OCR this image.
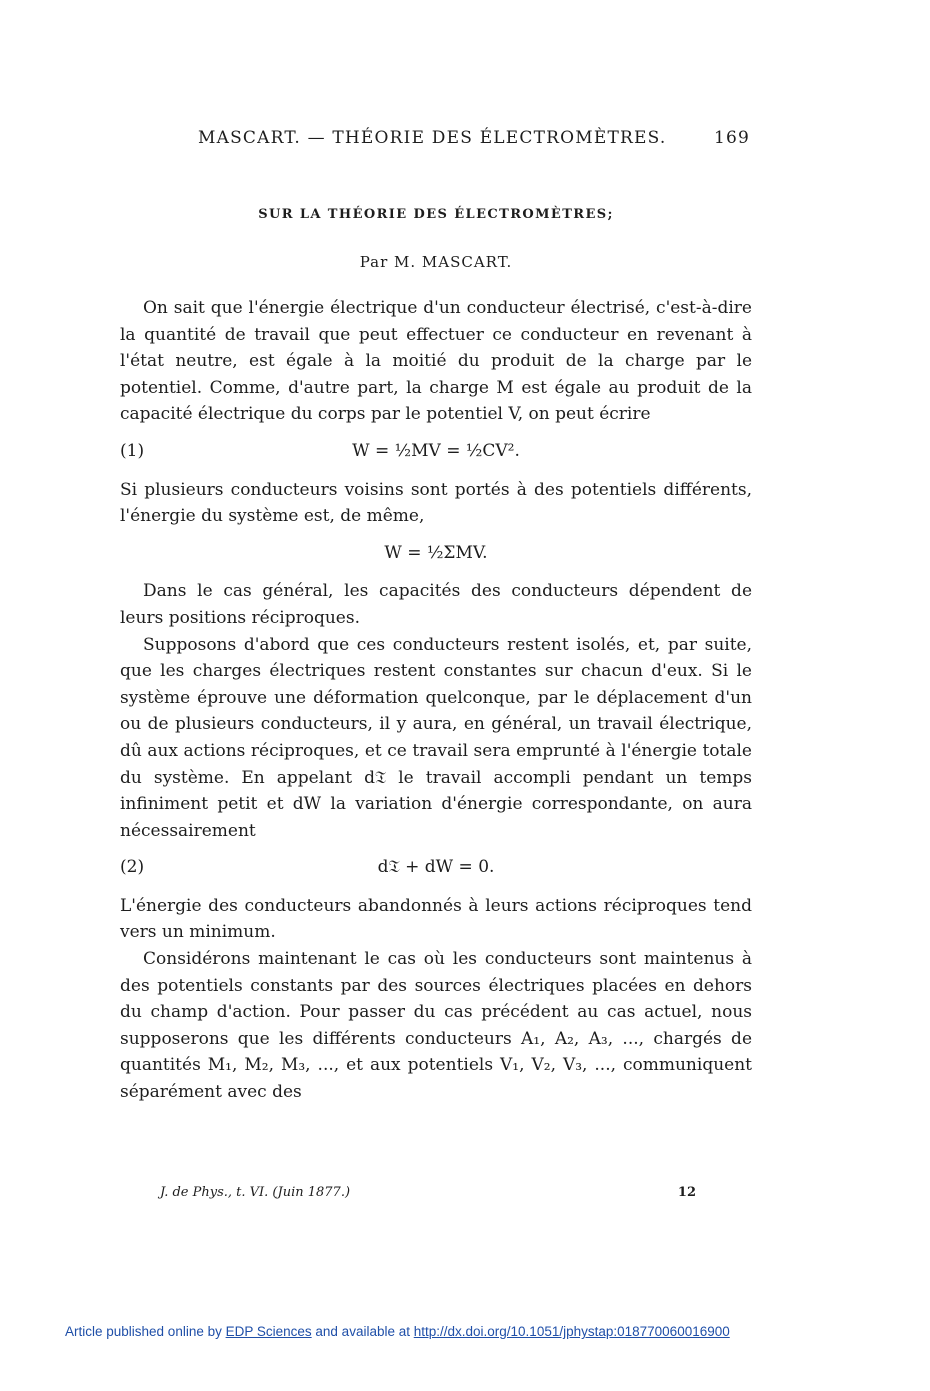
MASCART. — THÉORIE DES ÉLECTROMÈTRES.	169
SUR LA THÉORIE DES ÉLECTROMÈTRES;
Par M. MASCART.

On sait que l'énergie électrique d'un conducteur électrisé, c'est-à-dire la quantité de travail que peut effectuer ce conducteur en revenant à l'état neutre, est égale à la moitié du produit de la charge par le potentiel. Comme, d'autre part, la charge M est égale au produit de la capacité électrique du corps par le potentiel V, on peut écrire

(1)	W = ½MV = ½CV².

Si plusieurs conducteurs voisins sont portés à des potentiels différents, l'énergie du système est, de même,

W = ½ΣMV.

Dans le cas général, les capacités des conducteurs dépendent de leurs positions réciproques.

Supposons d'abord que ces conducteurs restent isolés, et, par suite, que les charges électriques restent constantes sur chacun d'eux. Si le système éprouve une déformation quelconque, par le déplacement d'un ou de plusieurs conducteurs, il y aura, en général, un travail électrique, dû aux actions réciproques, et ce travail sera emprunté à l'énergie totale du système. En appelant d𝔗 le travail accompli pendant un temps infiniment petit et dW la variation d'énergie correspondante, on aura nécessairement

(2)	d𝔗 + dW = 0.

L'énergie des conducteurs abandonnés à leurs actions réciproques tend vers un minimum.

Considérons maintenant le cas où les conducteurs sont maintenus à des potentiels constants par des sources électriques placées en dehors du champ d'action. Pour passer du cas précédent au cas actuel, nous supposerons que les différents conducteurs A₁, A₂, A₃, ..., chargés de quantités M₁, M₂, M₃, ..., et aux potentiels V₁, V₂, V₃, ..., communiquent séparément avec des

J. de Phys., t. VI. (Juin 1877.)	12
Article published online by EDP Sciences and available at http://dx.doi.org/10.1051/jphystap:018770060016900
